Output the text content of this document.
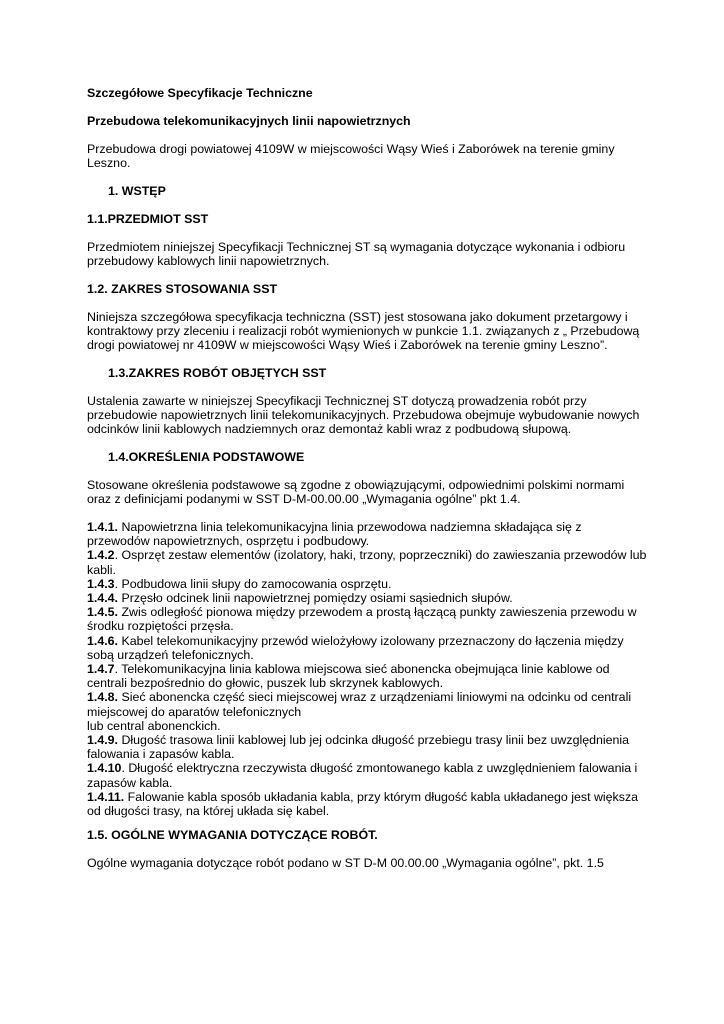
Szczegółowe Specyfikacje Techniczne

Przebudowa telekomunikacyjnych linii napowietrznych

Przebudowa drogi powiatowej 4109W w miejscowości Wąsy Wieś i Zaborówek na terenie gminy Leszno.

1. WSTĘP

1.1.PRZEDMIOT SST

Przedmiotem niniejszej Specyfikacji Technicznej ST są wymagania dotyczące wykonania i odbioru przebudowy kablowych linii napowietrznych.

1.2. ZAKRES STOSOWANIA SST

Niniejsza szczegółowa specyfikacja techniczna (SST) jest stosowana jako dokument przetargowy i kontraktowy przy zleceniu i realizacji robót wymienionych w punkcie 1.1. związanych z „ Przebudową drogi powiatowej nr 4109W w miejscowości Wąsy Wieś i Zaborówek na terenie gminy Leszno”.

1.3.ZAKRES ROBÓT OBJĘTYCH SST

Ustalenia zawarte w niniejszej Specyfikacji Technicznej ST dotyczą prowadzenia robót przy przebudowie napowietrznych linii telekomunikacyjnych. Przebudowa obejmuje wybudowanie nowych odcinków linii kablowych nadziemnych oraz demontaż kabli wraz z podbudową słupową.

1.4.OKREŚLENIA PODSTAWOWE

Stosowane określenia podstawowe są zgodne z obowiązującymi, odpowiednimi polskimi normami oraz z definicjami podanymi w SST D-M-00.00.00 „Wymagania ogólne” pkt 1.4.

1.4.1. Napowietrzna linia telekomunikacyjna linia przewodowa nadziemna składająca się z przewodów napowietrznych, osprzętu i podbudowy.

1.4.2. Osprzęt zestaw elementów (izolatory, haki, trzony, poprzeczniki) do zawieszania przewodów lub kabli.

1.4.3. Podbudowa linii słupy do zamocowania osprzętu.

1.4.4. Przęsło odcinek linii napowietrznej pomiędzy osiami sąsiednich słupów.

1.4.5. Zwis odległość pionowa między przewodem a prostą łączącą punkty zawieszenia przewodu w środku rozpiętości przęsła.

1.4.6. Kabel telekomunikacyjny przewód wielożyłowy izolowany przeznaczony do łączenia między sobą urządzeń telefonicznych.

1.4.7. Telekomunikacyjna linia kablowa miejscowa sieć abonencka obejmująca linie kablowe od centrali bezpośrednio do głowic, puszek lub skrzynek kablowych.

1.4.8. Sieć abonencka część sieci miejscowej wraz z urządzeniami liniowymi na odcinku od centrali miejscowej do aparatów telefonicznych
lub central abonenckich.

1.4.9. Długość trasowa linii kablowej lub jej odcinka długość przebiegu trasy linii bez uwzględnienia falowania i zapasów kabla.

1.4.10. Długość elektryczna rzeczywista długość zmontowanego kabla z uwzględnieniem falowania i zapasów kabla.

1.4.11. Falowanie kabla sposób układania kabla, przy którym długość kabla układanego jest większa od długości trasy, na której układa się kabel.

1.5. OGÓLNE WYMAGANIA DOTYCZĄCE ROBÓT.

Ogólne wymagania dotyczące robót podano w ST D-M 00.00.00 „Wymagania ogólne”, pkt. 1.5
